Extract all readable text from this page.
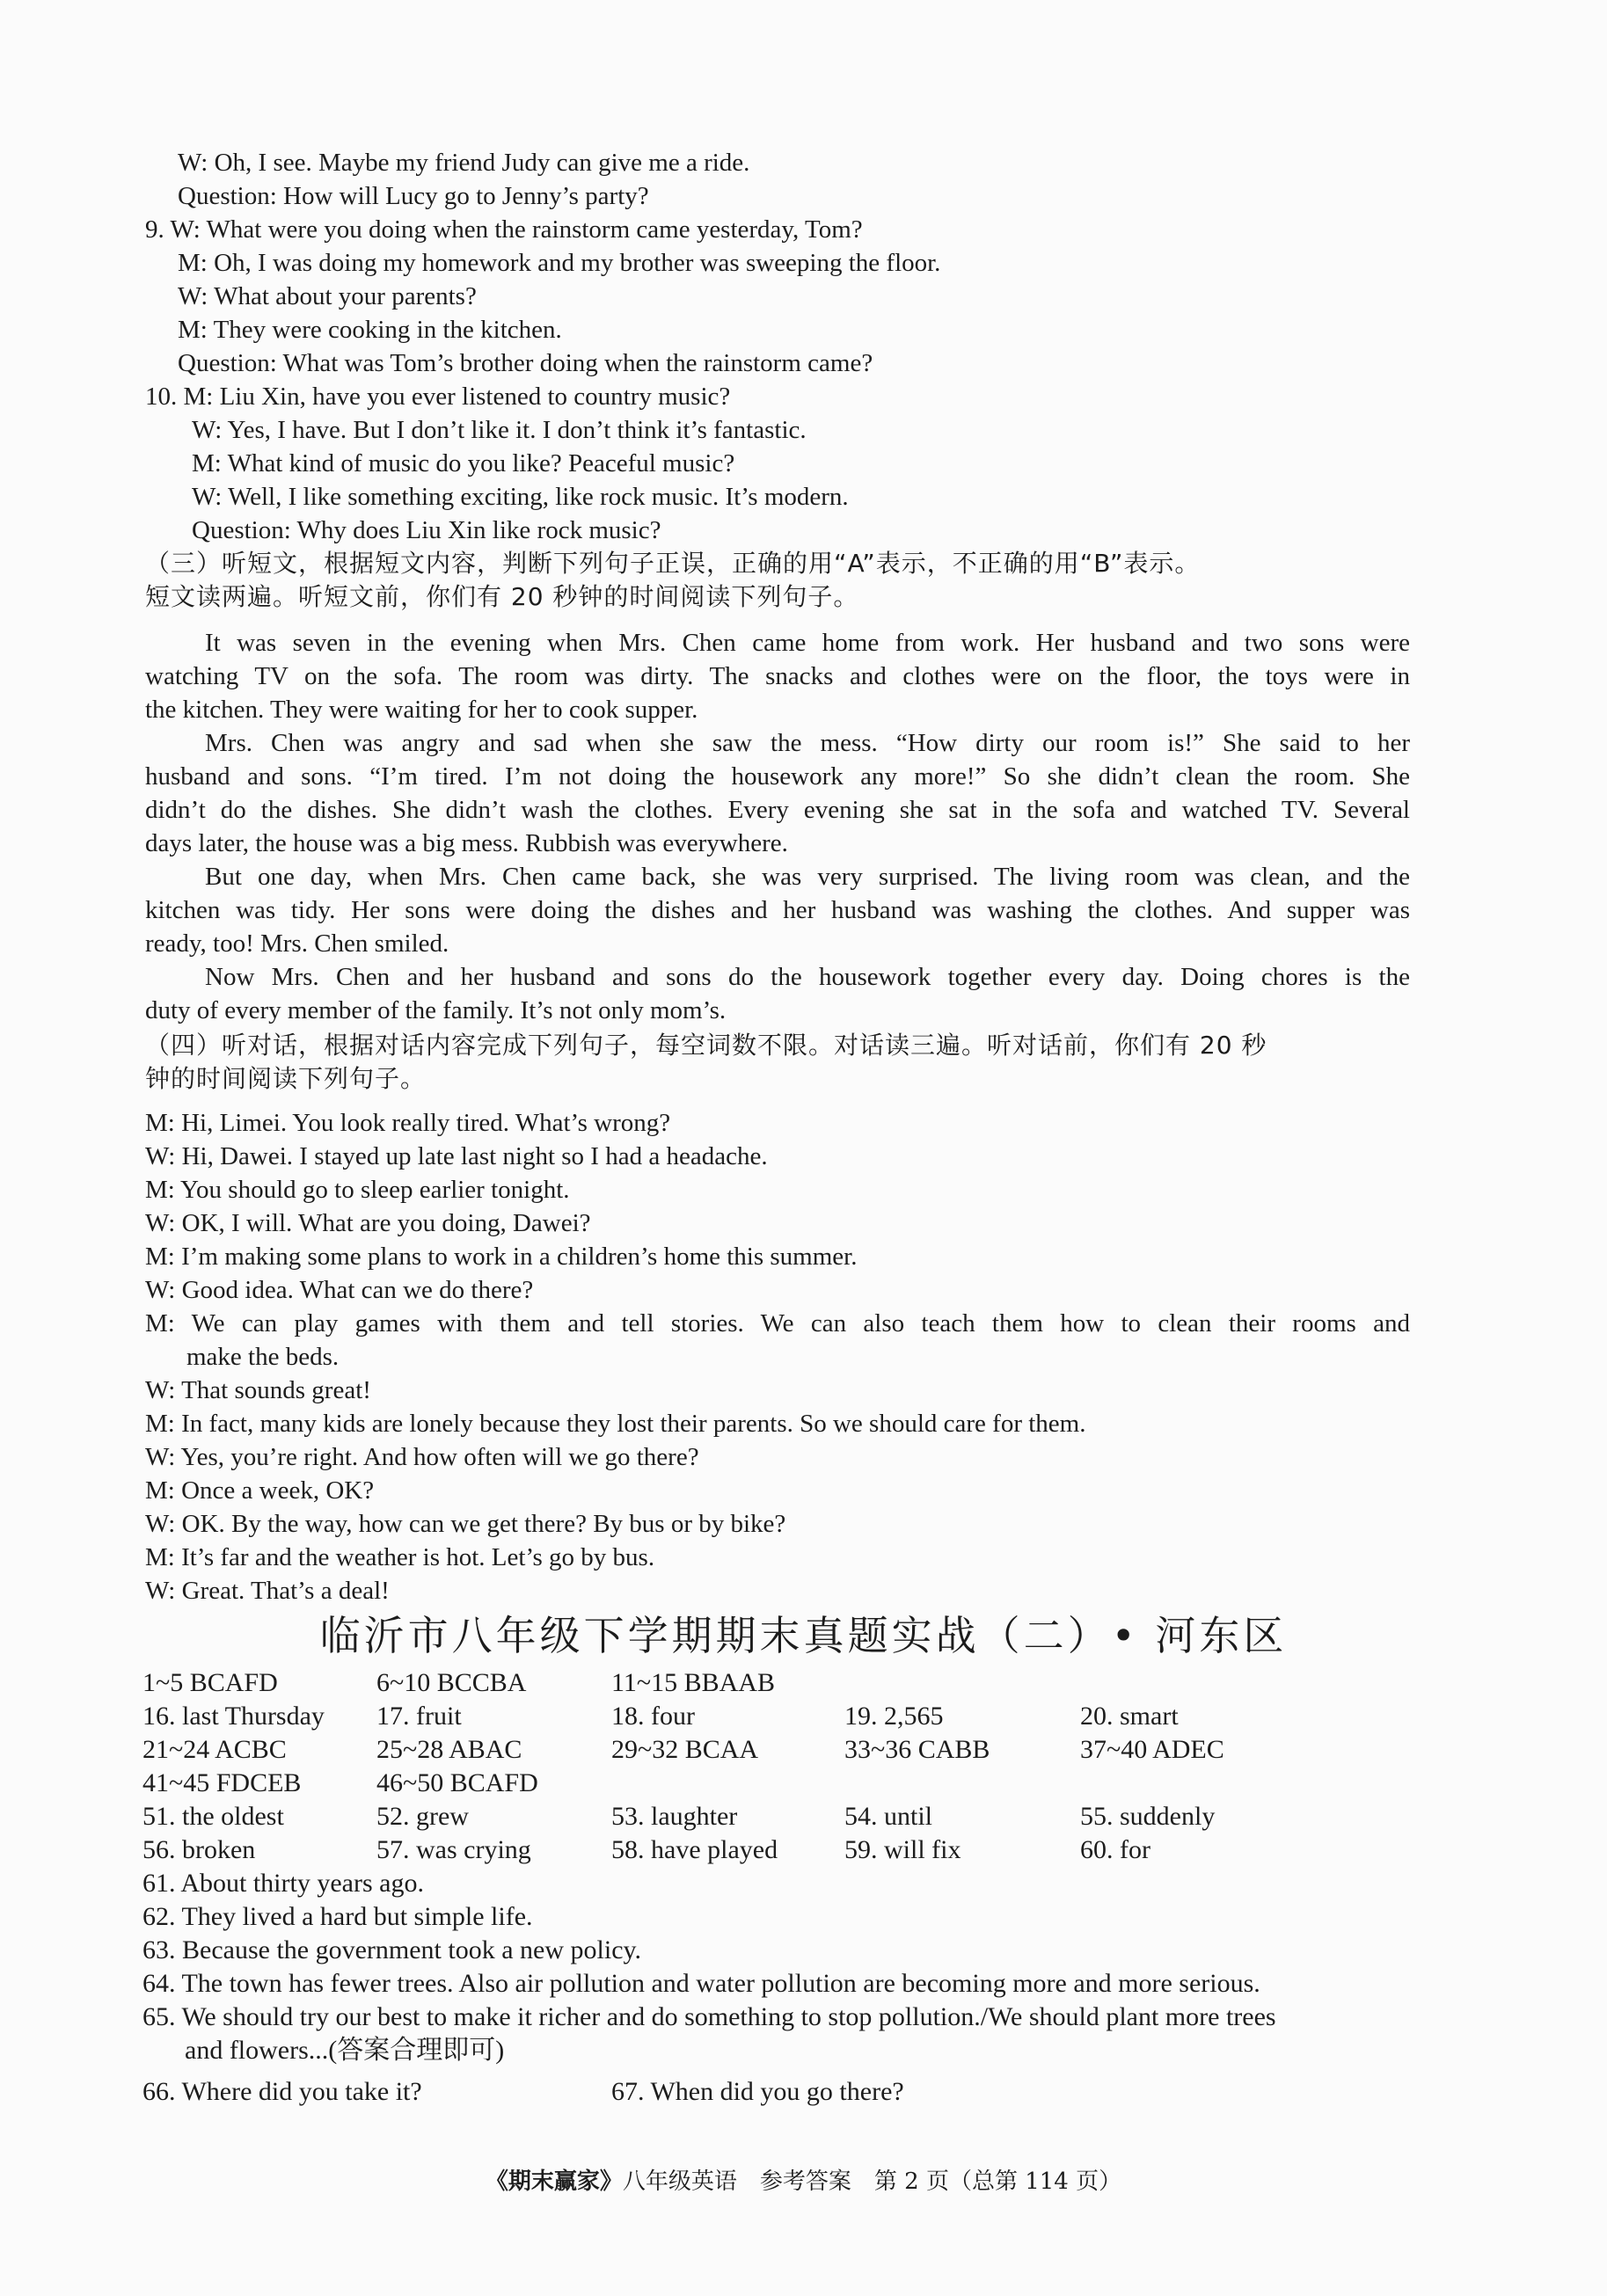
W: Oh, I see. Maybe my friend Judy can give me a ride.
Question: How will Lucy go to Jenny’s party?
9. W: What were you doing when the rainstorm came yesterday, Tom?
M: Oh, I was doing my homework and my brother was sweeping the floor.
W: What about your parents?
M: They were cooking in the kitchen.
Question: What was Tom’s brother doing when the rainstorm came?
10. M: Liu Xin, have you ever listened to country music?
W: Yes, I have. But I don’t like it. I don’t think it’s fantastic.
M: What kind of music do you like? Peaceful music?
W: Well, I like something exciting, like rock music. It’s modern.
Question: Why does Liu Xin like rock music?
（三）听短文，根据短文内容，判断下列句子正误，正确的用“A”表示，不正确的用“B”表示。
短文读两遍。听短文前，你们有 20 秒钟的时间阅读下列句子。
It was seven in the evening when Mrs. Chen came home from work. Her husband and two sons were
watching TV on the sofa. The room was dirty. The snacks and clothes were on the floor, the toys were in
the kitchen. They were waiting for her to cook supper.
Mrs. Chen was angry and sad when she saw the mess. “How dirty our room is!” She said to her
husband and sons. “I’m tired. I’m not doing the housework any more!” So she didn’t clean the room. She
didn’t do the dishes. She didn’t wash the clothes. Every evening she sat in the sofa and watched TV. Several
days later, the house was a big mess. Rubbish was everywhere.
But one day, when Mrs. Chen came back, she was very surprised. The living room was clean, and the
kitchen was tidy. Her sons were doing the dishes and her husband was washing the clothes. And supper was
ready, too! Mrs. Chen smiled.
Now Mrs. Chen and her husband and sons do the housework together every day. Doing chores is the
duty of every member of the family. It’s not only mom’s.
（四）听对话，根据对话内容完成下列句子，每空词数不限。对话读三遍。听对话前，你们有 20 秒
钟的时间阅读下列句子。
M: Hi, Limei. You look really tired. What’s wrong?
W: Hi, Dawei. I stayed up late last night so I had a headache.
M: You should go to sleep earlier tonight.
W: OK, I will. What are you doing, Dawei?
M: I’m making some plans to work in a children’s home this summer.
W: Good idea. What can we do there?
M: We can play games with them and tell stories. We can also teach them how to clean their rooms and
make the beds.
W: That sounds great!
M: In fact, many kids are lonely because they lost their parents. So we should care for them.
W: Yes, you’re right. And how often will we go there?
M: Once a week, OK?
W: OK. By the way, how can we get there? By bus or by bike?
M: It’s far and the weather is hot. Let’s go by bus.
W: Great. That’s a deal!
临沂市八年级下学期期末真题实战（二）• 河东区
1~5 BCAFD	6~10 BCCBA	11~15 BBAAB
16. last Thursday 17. fruit	18. four	19. 2,565	20. smart
21~24 ACBC	25~28 ABAC	29~32 BCAA	33~36 CABB	37~40 ADEC
41~45 FDCEB	46~50 BCAFD
51. the oldest	52. grew	53. laughter	54. until	55. suddenly
56. broken	57. was crying	58. have played	59. will fix	60. for
61. About thirty years ago.
62. They lived a hard but simple life.
63. Because the government took a new policy.
64. The town has fewer trees. Also air pollution and water pollution are becoming more and more serious.
65. We should try our best to make it richer and do something to stop pollution./We should plant more trees
and flowers...(答案合理即可)
66. Where did you take it?	67. When did you go there?
《期末赢家》八年级英语　参考答案　第 2 页（总第 114 页）
